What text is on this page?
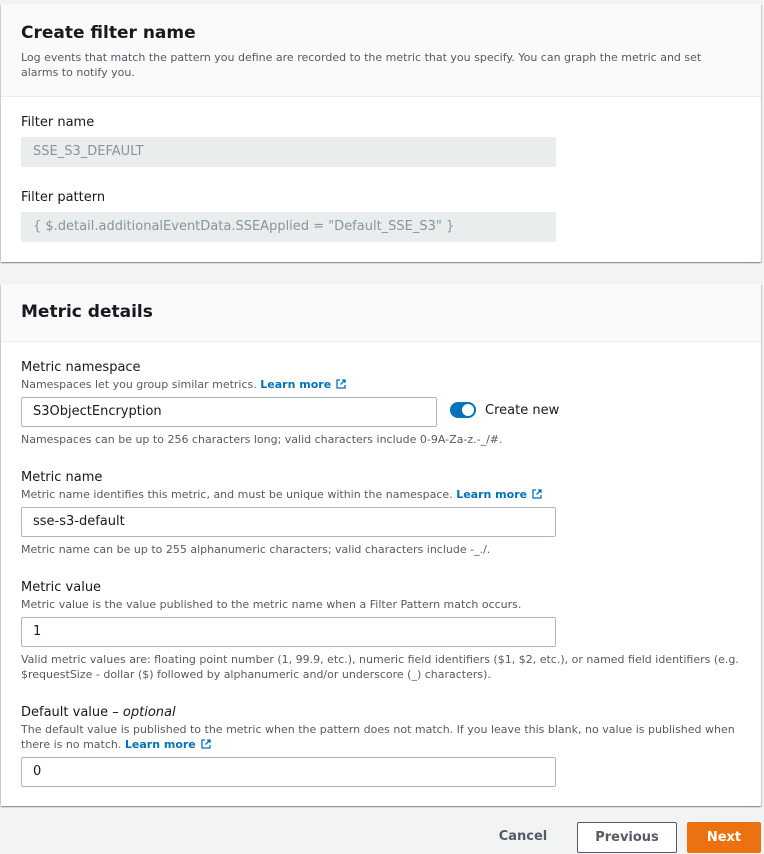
Create filter name
Log events that match the pattern you define are recorded to the metric that you specify. You can graph the metric and set alarms to notify you.
Filter name
SSE_S3_DEFAULT
Filter pattern
{ $.detail.additionalEventData.SSEApplied = "Default_SSE_S3" }
Metric details
Metric namespace
Namespaces let you group similar metrics. Learn more
S3ObjectEncryption	Create new
Namespaces can be up to 256 characters long; valid characters include 0-9A-Za-z.-_/#.
Metric name
Metric name identifies this metric, and must be unique within the namespace. Learn more
sse-s3-default
Metric name can be up to 255 alphanumeric characters; valid characters include -_./.
Metric value
Metric value is the value published to the metric name when a Filter Pattern match occurs.
1
Valid metric values are: floating point number (1, 99.9, etc.), numeric field identifiers ($1, $2, etc.), or named field identifiers (e.g.
$requestSize - dollar ($) followed by alphanumeric and/or underscore (_) characters).
Default value – optional
The default value is published to the metric when the pattern does not match. If you leave this blank, no value is published when
there is no match. Learn more
0
Cancel	Previous	Next
